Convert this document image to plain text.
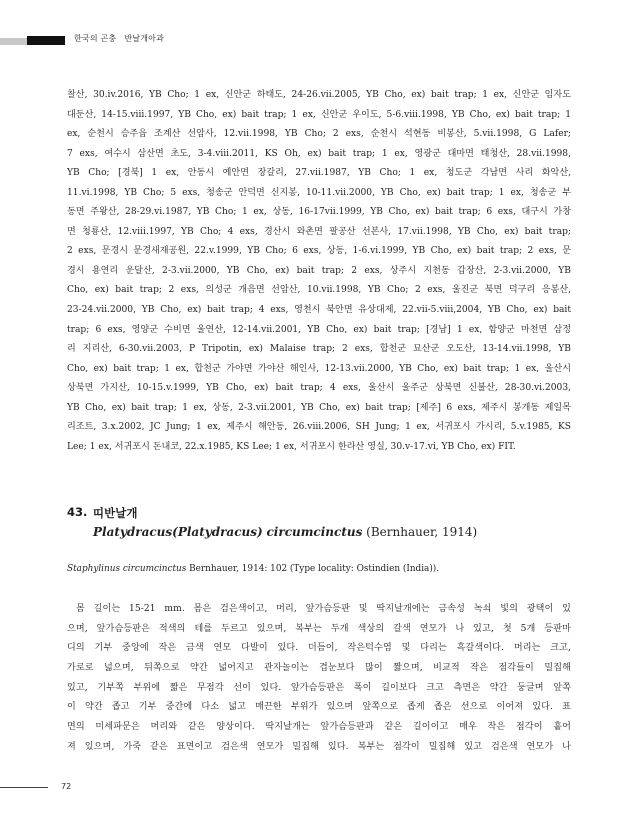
한국의 곤충 반날개아과
찰산, 30.iv.2016, YB Cho; 1 ex, 신안군 하태도, 24-26.vii.2005, YB Cho, ex) bait trap; 1 ex, 신안군 임자도
대둔산, 14-15.viii.1997, YB Cho, ex) bait trap; 1 ex, 신안군 우이도, 5-6.viii.1998, YB Cho, ex) bait trap; 1
ex, 순천시 승주읍 조계산 선암사, 12.vii.1998, YB Cho; 2 exs, 순천시 석현동 비봉산, 5.vii.1998, G Lafer;
7 exs, 여수시 삼산면 초도, 3-4.viii.2011, KS Oh, ex) bait trap; 1 ex, 영광군 대마면 태청산, 28.vii.1998,
YB Cho; [경북] 1 ex, 안동시 예안면 장갈리, 27.vii.1987, YB Cho; 1 ex, 청도군 각남면 사리 화악산,
11.vi.1998, YB Cho; 5 exs, 청송군 안덕면 신지봉, 10-11.vii.2000, YB Cho, ex) bait trap; 1 ex, 청송군 부
동면 주왕산, 28-29.vi.1987, YB Cho; 1 ex, 상동, 16-17vii.1999, YB Cho, ex) bait trap; 6 exs, 대구시 가창
면 청룡산, 12.viii.1997, YB Cho; 4 exs, 경산시 와촌면 팔공산 선본사, 17.vii.1998, YB Cho, ex) bait trap;
2 exs, 문경시 문경새재공원, 22.v.1999, YB Cho; 6 exs, 상동, 1-6.vi.1999, YB Cho, ex) bait trap; 2 exs, 문
경시 용연리 운달산, 2-3.vii.2000, YB Cho, ex) bait trap; 2 exs, 상주시 지천동 갑장산, 2-3.vii.2000, YB
Cho, ex) bait trap; 2 exs, 의성군 개음면 선암산, 10.vii.1998, YB Cho; 2 exs, 울진군 북면 덕구리 응봉산,
23-24.vii.2000, YB Cho, ex) bait trap; 4 exs, 영천시 북안면 유상대제, 22.vii-5.viii,2004, YB Cho, ex) bait
trap; 6 exs, 영양군 수비면 울연산, 12-14.vii.2001, YB Cho, ex) bait trap; [경남] 1 ex, 함양군 마천면 삼정
리 지리산, 6-30.vii.2003, P Tripotin, ex) Malaise trap; 2 exs, 합천군 묘산군 오도산, 13-14.vii.1998, YB
Cho, ex) bait trap; 1 ex, 합천군 가야면 가야산 해인사, 12-13.vii.2000, YB Cho, ex) bait trap; 1 ex, 울산시
상북면 가지산, 10-15.v.1999, YB Cho, ex) bait trap; 4 exs, 울산시 울주군 상북면 신불산, 28-30.vi.2003,
YB Cho, ex) bait trap; 1 ex, 상동, 2-3.vii.2001, YB Cho, ex) bait trap; [제주] 6 exs, 제주시 봉개동 제일목
리조트, 3.x.2002, JC Jung; 1 ex, 제주시 해안동, 26.viii.2006, SH Jung; 1 ex, 서귀포시 가시리, 5.v.1985, KS
Lee; 1 ex, 서귀포시 돈내코, 22.x.1985, KS Lee; 1 ex, 서귀포시 한라산 영실, 30.v-17.vi, YB Cho, ex) FIT.
43. 띠반날개
Platydracus(Platydracus) circumcinctus (Bernhauer, 1914)
Staphylinus circumcinctus Bernhauer, 1914: 102 (Type locality: Ostindien (India)).
몸 길이는 15-21 mm. 몸은 검은색이고, 머리, 앞가슴등판 및 딱지날개에는 금속성 녹쇠 빛의 광택이 있
으며, 앞가슴등판은 적색의 테를 두르고 있으며, 복부는 두개 색상의 갈색 연모가 나 있고, 첫 5개 등판마
디의 기부 중앙에 작은 금색 연모 다발이 있다. 더듬이, 작은턱수염 및 다리는 흑갈색이다. 머리는 크고,
가로로 넓으며, 뒤쪽으로 약간 넓어지고 관자놀이는 겹눈보다 많이 짧으며, 비교적 작은 점각들이 밀집해
있고, 기부쪽 부위에 짧은 무점각 선이 있다. 앞가슴등판은 폭이 길이보다 크고 측면은 약간 둥글며 앞쪽
이 약간 좁고 기부 중간에 다소 넓고 매끈한 부위가 있으며 앞쪽으로 좁게 좁은 선으로 이어져 있다. 표
면의 미세파문은 머리와 같은 양상이다. 딱지날개는 앞가슴등판과 같은 길이이고 매우 작은 점각이 흩어
져 있으며, 가죽 같은 표면이고 검은색 연모가 밀집해 있다. 복부는 점각이 밀집해 있고 검은색 연모가 나
72
